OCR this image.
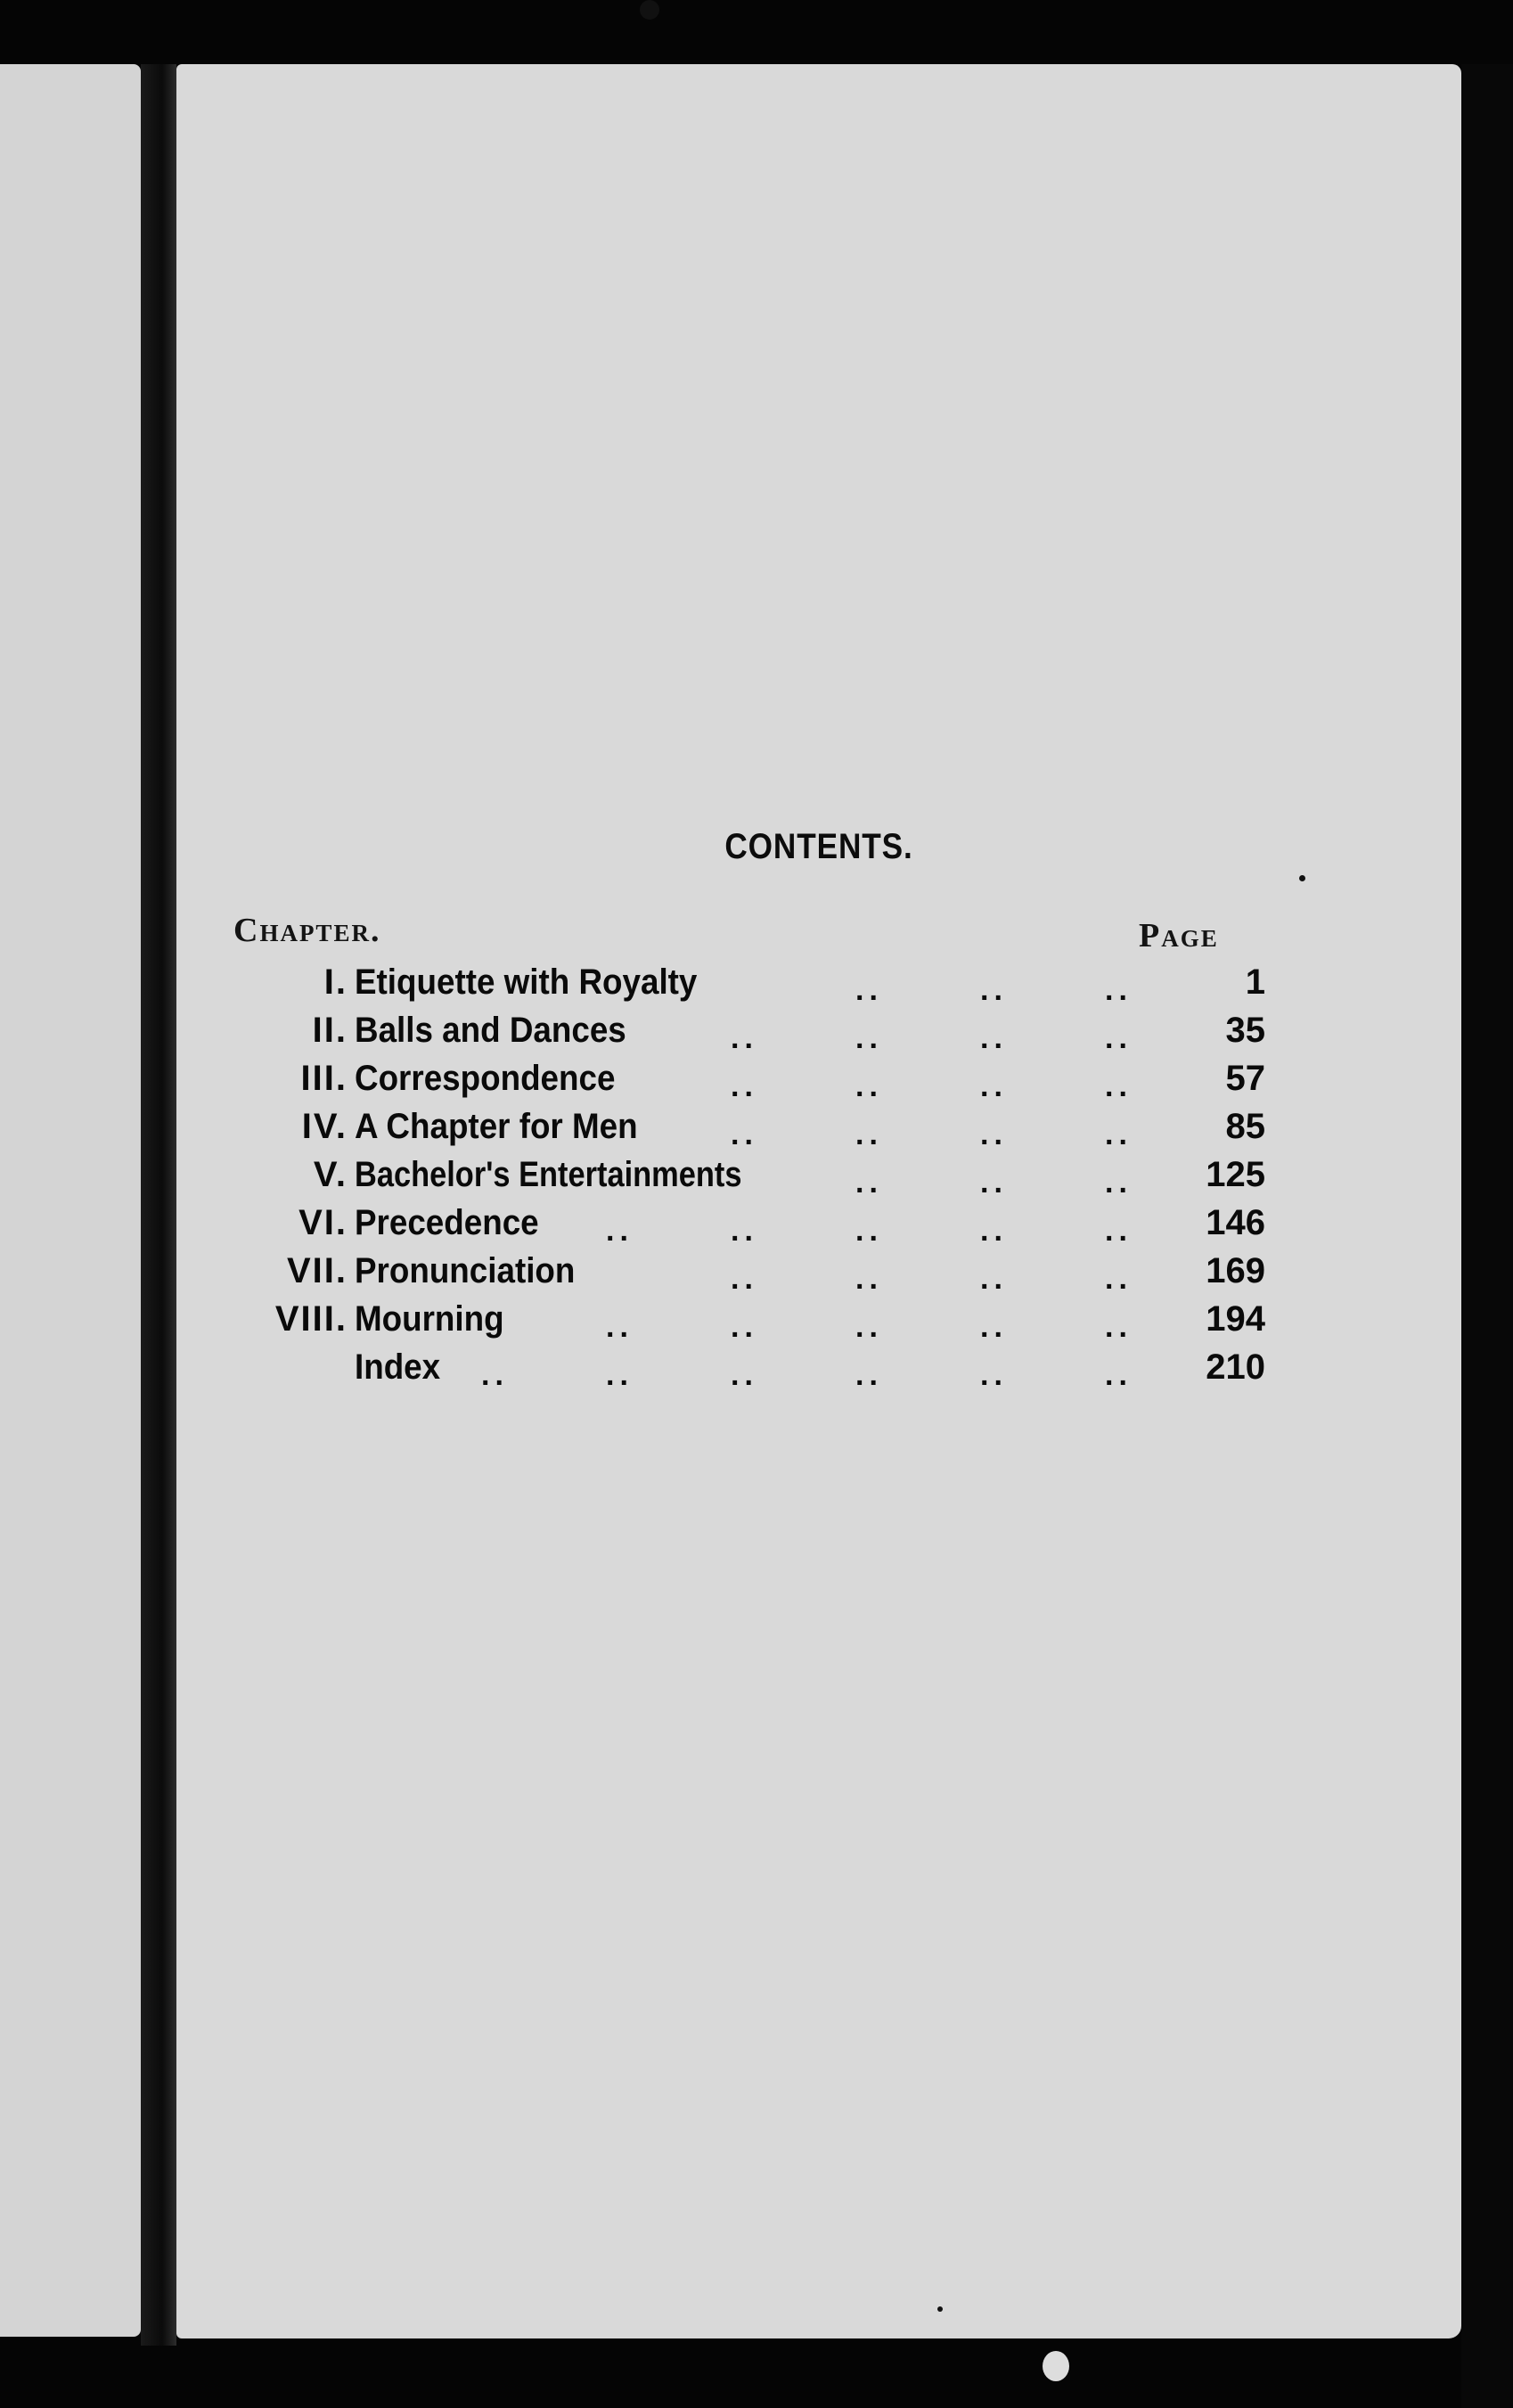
CONTENTS.
Chapter.	Page
I. Etiquette with Royalty	..	..	..	1
II. Balls and Dances	..	..	..	..	35
III. Correspondence	..	..	..	..	57
IV. A Chapter for Men	..	..	..	..	85
V. Bachelor's Entertainments	..	..	..	125
VI. Precedence ..	..	..	..	..	146
VII. Pronunciation	..	..	..	..	169
VIII. Mourning	..	..	..	..	..	194
Index ..	..	..	..	..	..	210
